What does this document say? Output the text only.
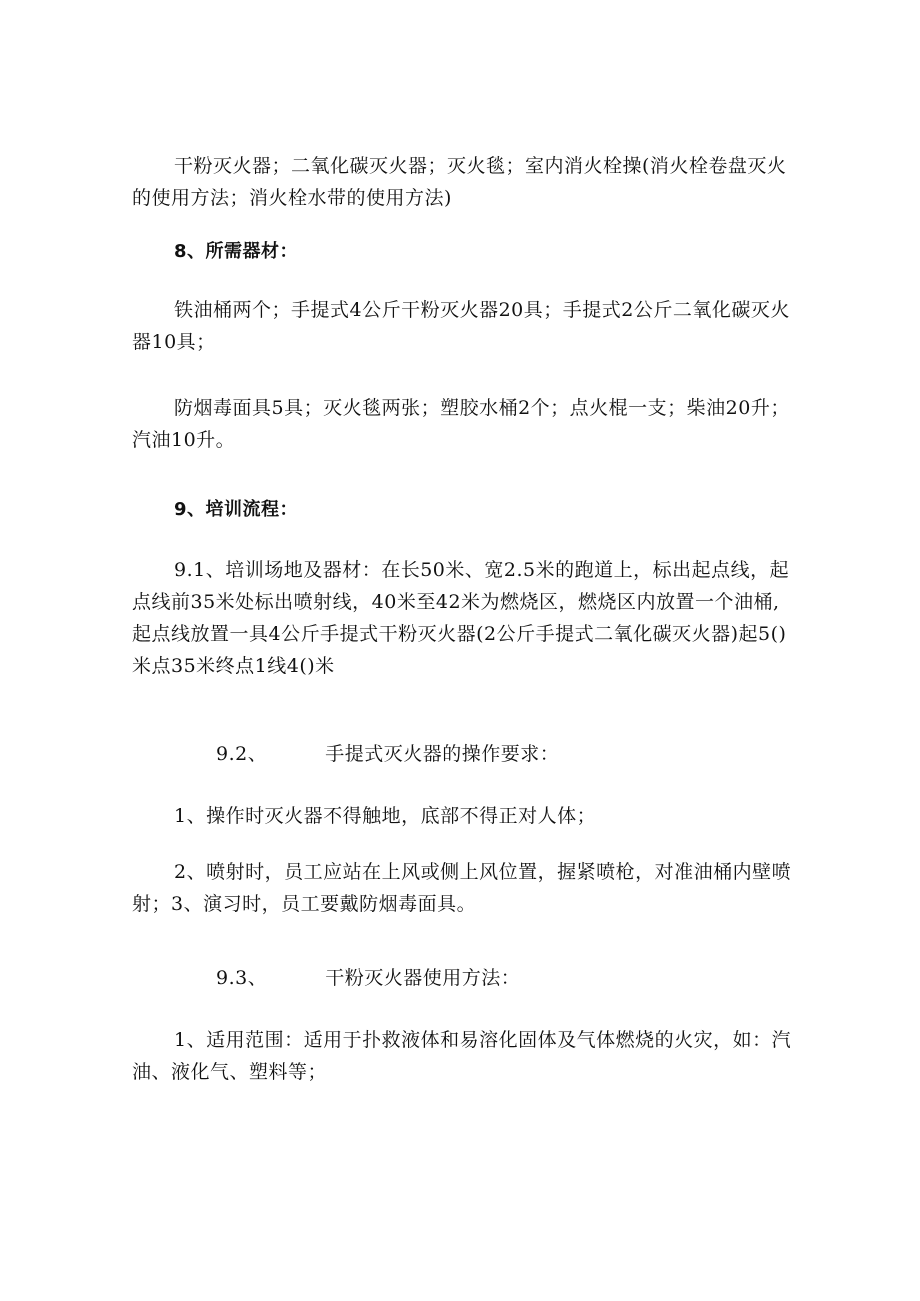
干粉灭火器；二氧化碳灭火器；灭火毯；室内消火栓操(消火栓卷盘灭火的使用方法；消火栓水带的使用方法)

8、所需器材：

铁油桶两个；手提式4公斤干粉灭火器20具；手提式2公斤二氧化碳灭火器10具；

防烟毒面具5具；灭火毯两张；塑胶水桶2个；点火棍一支；柴油20升；汽油10升。

9、培训流程：

9.1、培训场地及器材：在长50米、宽2.5米的跑道上，标出起点线，起点线前35米处标出喷射线，40米至42米为燃烧区，燃烧区内放置一个油桶,起点线放置一具4公斤手提式干粉灭火器(2公斤手提式二氧化碳灭火器)起5()米点35米终点1线4()米

9.2、	手提式灭火器的操作要求：

1、操作时灭火器不得触地，底部不得正对人体；

2、喷射时，员工应站在上风或侧上风位置，握紧喷枪，对准油桶内壁喷射；3、演习时，员工要戴防烟毒面具。

9.3、	干粉灭火器使用方法：

1、适用范围：适用于扑救液体和易溶化固体及气体燃烧的火灾，如：汽油、液化气、塑料等；
